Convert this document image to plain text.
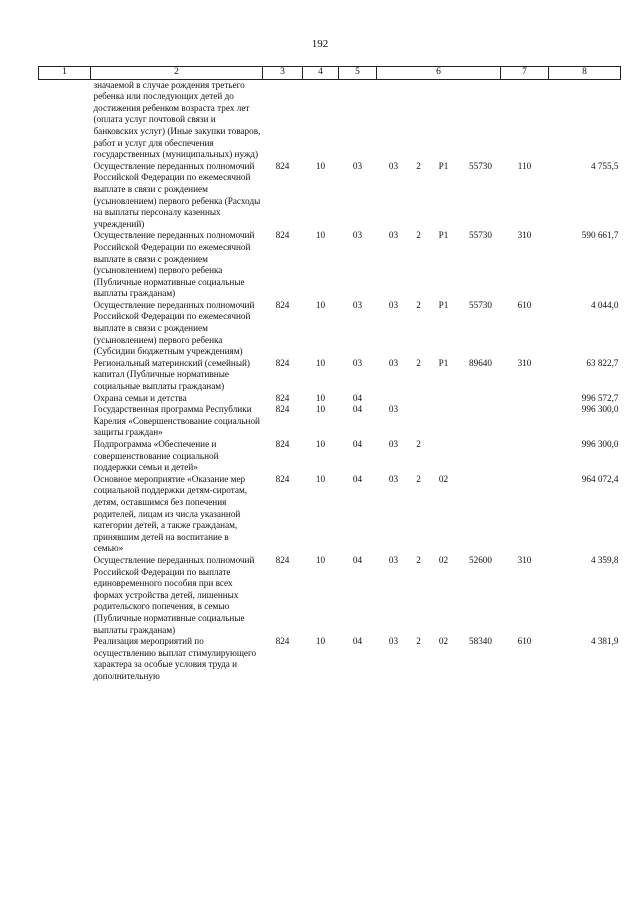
192
1	2	3	4	5	6				7	8
	значаемой в случае рождения третьего ребенка или последующих детей до достижения ребенком возраста трех лет (оплата услуг почтовой связи и банковских услуг) (Иные закупки товаров, работ и услуг для обеспечения государственных (муниципальных) нужд)									
	Осуществление переданных полномочий Российской Федерации по ежемесячной выплате в связи с рождением (усыновлением) первого ребенка (Расходы на выплаты персоналу казенных учреждений)	824	10	03	03	2	P1	55730	110	4 755,5
	Осуществление переданных полномочий Российской Федерации по ежемесячной выплате в связи с рождением (усыновлением) первого ребенка (Публичные нормативные социальные выплаты гражданам)	824	10	03	03	2	P1	55730	310	590 661,7
	Осуществление переданных полномочий Российской Федерации по ежемесячной выплате в связи с рождением (усыновлением) первого ребенка (Субсидии бюджетным учреждениям)	824	10	03	03	2	P1	55730	610	4 044,0
	Региональный материнский (семейный) капитал (Публичные нормативные социальные выплаты гражданам)	824	10	03	03	2	P1	89640	310	63 822,7
	Охрана семьи и детства	824	10	04						996 572,7
	Государственная программа Республики Карелия «Совершенствование социальной защиты граждан»	824	10	04	03					996 300,0
	Подпрограмма «Обеспечение и совершенствование социальной поддержки семьи и детей»	824	10	04	03	2				996 300,0
	Основное мероприятие «Оказание мер социальной поддержки детям-сиротам, детям, оставшимся без попечения родителей, лицам из числа указанной категории детей, а также гражданам, принявшим детей на воспитание в семью»	824	10	04	03	2	02			964 072,4
	Осуществление переданных полномочий Российской Федерации по выплате единовременного пособия при всех формах устройства детей, лишенных родительского попечения, в семью (Публичные нормативные социальные выплаты гражданам)	824	10	04	03	2	02	52600	310	4 359,8
	Реализация мероприятий по осуществлению выплат стимулирующего характера за особые условия труда и дополнительную	824	10	04	03	2	02	58340	610	4 381,9
